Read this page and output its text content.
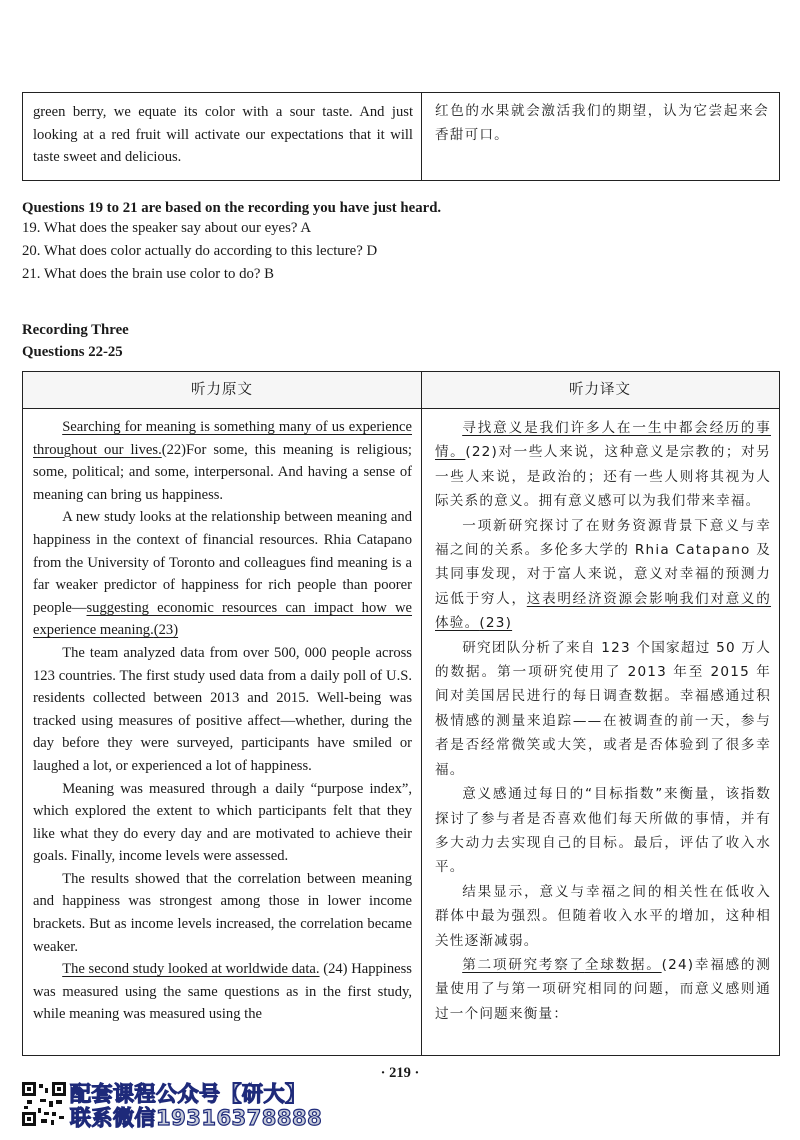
green berry, we equate its color with a sour taste. And just looking at a red fruit will activate our expectations that it will taste sweet and delicious.

红色的水果就会激活我们的期望，认为它尝起来会香甜可口。

Questions 19 to 21 are based on the recording you have just heard.
19. What does the speaker say about our eyes? A
20. What does color actually do according to this lecture? D
21. What does the brain use color to do? B
Recording Three
Questions 22-25
听力原文	听力译文

Searching for meaning is something many of us experience throughout our lives.(22)For some, this meaning is religious; some, political; and some, interpersonal. And having a sense of meaning can bring us happiness.

A new study looks at the relationship between meaning and happiness in the context of financial resources. Rhia Catapano from the University of Toronto and colleagues find meaning is a far weaker predictor of happiness for rich people than poorer people—suggesting economic resources can impact how we experience meaning.(23)

The team analyzed data from over 500, 000 people across 123 countries. The first study used data from a daily poll of U.S. residents collected between 2013 and 2015. Well-being was tracked using measures of positive affect—whether, during the day before they were surveyed, participants have smiled or laughed a lot, or experienced a lot of happiness.

Meaning was measured through a daily “purpose index”, which explored the extent to which participants felt that they like what they do every day and are motivated to achieve their goals. Finally, income levels were assessed.

The results showed that the correlation between meaning and happiness was strongest among those in lower income brackets. But as income levels increased, the correlation became weaker.

The second study looked at worldwide data. (24) Happiness was measured using the same questions as in the first study, while meaning was measured using the

寻找意义是我们许多人在一生中都会经历的事情。(22)对一些人来说，这种意义是宗教的；对另一些人来说，是政治的；还有一些人则将其视为人际关系的意义。拥有意义感可以为我们带来幸福。

一项新研究探讨了在财务资源背景下意义与幸福之间的关系。多伦多大学的 Rhia Catapano 及其同事发现，对于富人来说，意义对幸福的预测力远低于穷人，这表明经济资源会影响我们对意义的体验。(23)

研究团队分析了来自 123 个国家超过 50 万人的数据。第一项研究使用了 2013 年至 2015 年间对美国居民进行的每日调查数据。幸福感通过积极情感的测量来追踪——在被调查的前一天，参与者是否经常微笑或大笑，或者是否体验到了很多幸福。

意义感通过每日的“目标指数”来衡量，该指数探讨了参与者是否喜欢他们每天所做的事情，并有多大动力去实现自己的目标。最后，评估了收入水平。

结果显示，意义与幸福之间的相关性在低收入群体中最为强烈。但随着收入水平的增加，这种相关性逐渐减弱。

第二项研究考察了全球数据。(24)幸福感的测量使用了与第一项研究相同的问题，而意义感则通过一个问题来衡量：

· 219 ·
配套课程公众号【研大】
联系微信19316378888
